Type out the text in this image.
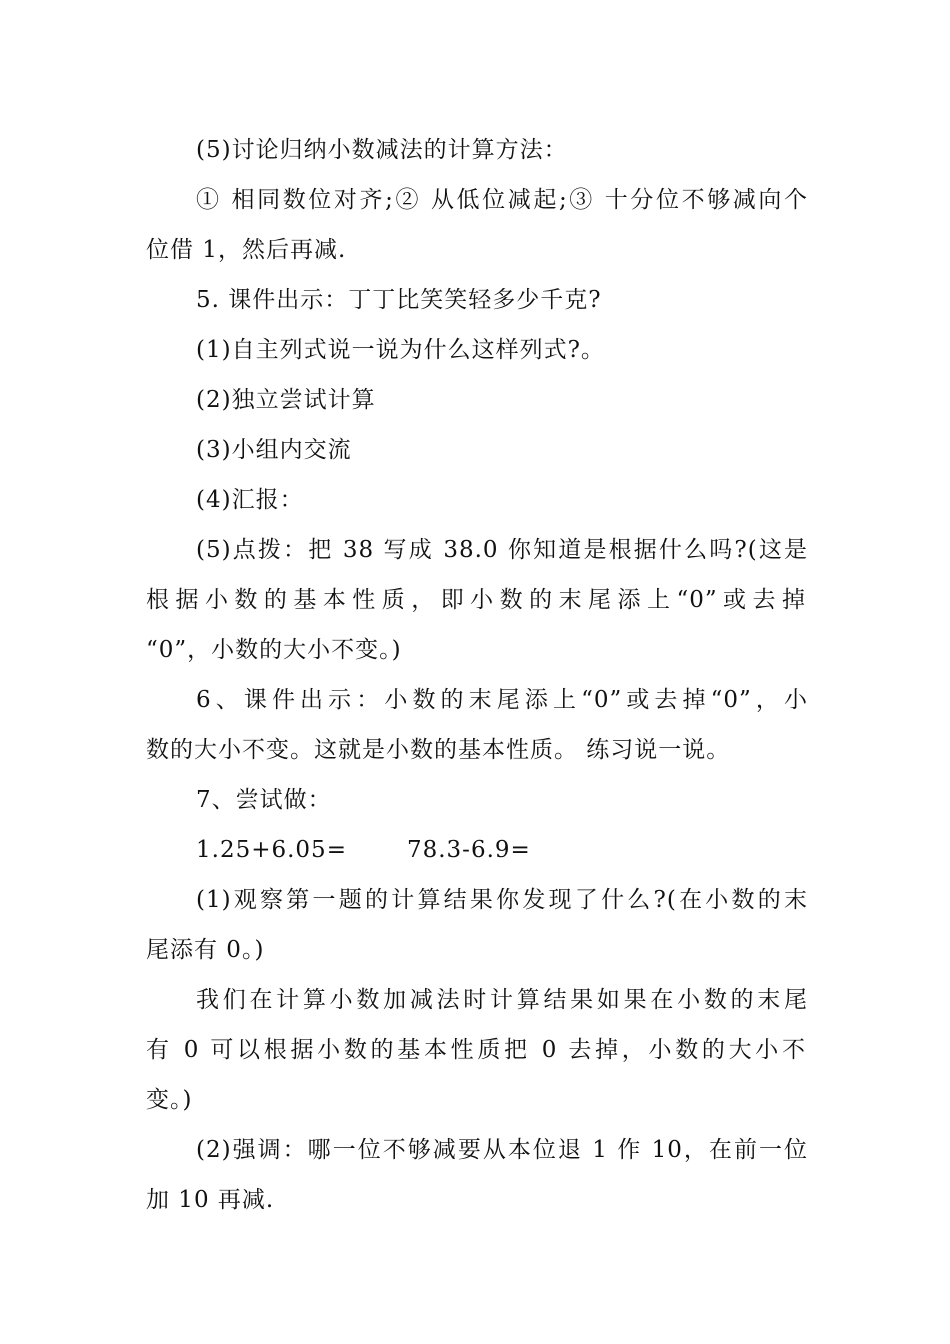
(5)讨论归纳小数减法的计算方法：
① 相同数位对齐;② 从低位减起;③ 十分位不够减向个
位借 1，然后再减.
5. 课件出示：丁丁比笑笑轻多少千克?
(1)自主列式说一说为什么这样列式?。
(2)独立尝试计算
(3)小组内交流
(4)汇报：
(5)点拨：把 38 写成 38.0 你知道是根据什么吗?(这是
根据小数的基本性质，即小数的末尾添上“0”或去掉
“0”，小数的大小不变。)
6、课件出示：小数的末尾添上“0”或去掉“0”，小
数的大小不变。这就是小数的基本性质。 练习说一说。
7、尝试做：
1.25+6.05=	78.3-6.9=
(1)观察第一题的计算结果你发现了什么?(在小数的末
尾添有 0。)
我们在计算小数加减法时计算结果如果在小数的末尾
有 0 可以根据小数的基本性质把 0 去掉，小数的大小不
变。)
(2)强调：哪一位不够减要从本位退 1 作 10，在前一位
加 10 再减.
